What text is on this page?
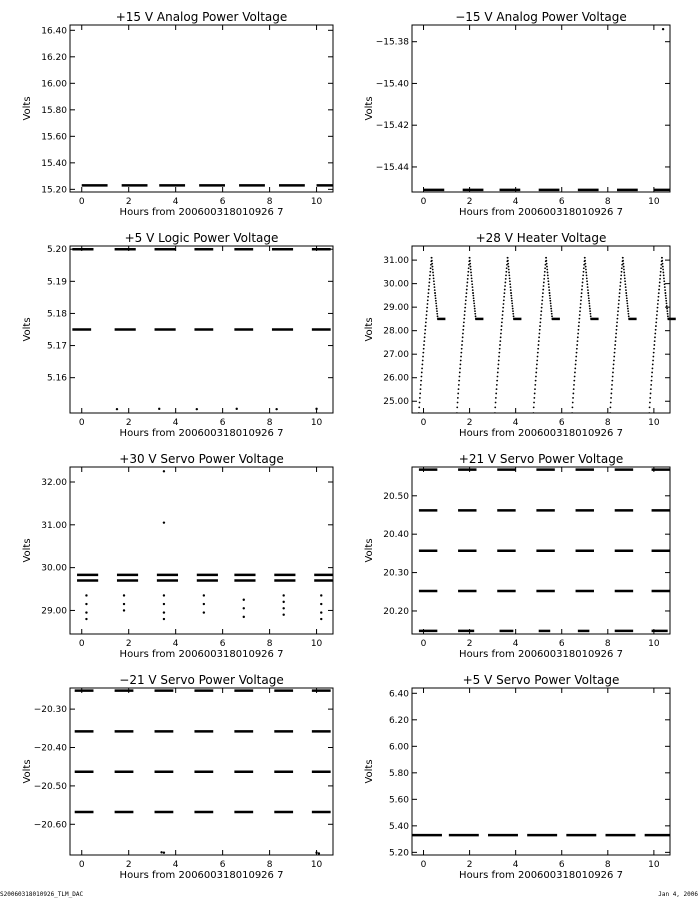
+15 V Analog Power Voltage
Hours from 200600318010926 7
Volts
0	2	4	6	8	10
15.20
15.40
15.60
15.80
16.00
16.20
16.40
−15 V Analog Power Voltage
Hours from 200600318010926 7
Volts
0	2	4	6	8	10
−15.44
−15.42
−15.40
−15.38
+5 V Logic Power Voltage
Hours from 200600318010926 7
Volts
0	2	4	6	8	10
5.16
5.17
5.18
5.19
5.20
+28 V Heater Voltage
Hours from 200600318010926 7
Volts
0	2	4	6	8	10
25.00
26.00
27.00
28.00
29.00
30.00
31.00
+30 V Servo Power Voltage
Hours from 200600318010926 7
Volts
0	2	4	6	8	10
29.00
30.00
31.00
32.00
+21 V Servo Power Voltage
Hours from 200600318010926 7
Volts
0	2	4	6	8	10
20.20
20.30
20.40
20.50
−21 V Servo Power Voltage
Hours from 200600318010926 7
Volts
0	2	4	6	8	10
−20.60
−20.50
−20.40
−20.30
+5 V Servo Power Voltage
Hours from 200600318010926 7
Volts
0	2	4	6	8	10
5.20
5.40
5.60
5.80
6.00
6.20
6.40
S20060318010926_TLM_DAC	Jan 4, 2006
